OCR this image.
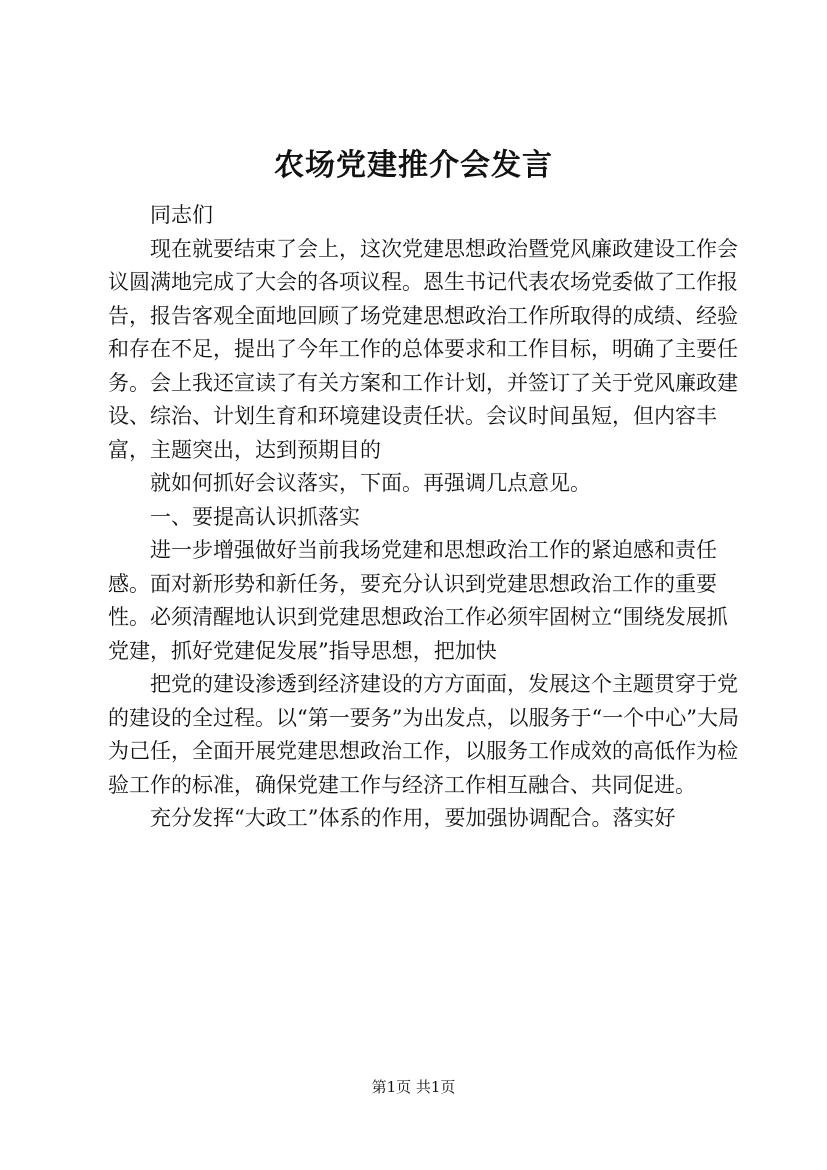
农场党建推介会发言

同志们

现在就要结束了会上，这次党建思想政治暨党风廉政建设工作会议圆满地完成了大会的各项议程。恩生书记代表农场党委做了工作报告，报告客观全面地回顾了场党建思想政治工作所取得的成绩、经验和存在不足，提出了今年工作的总体要求和工作目标，明确了主要任务。会上我还宣读了有关方案和工作计划，并签订了关于党风廉政建设、综治、计划生育和环境建设责任状。会议时间虽短，但内容丰富，主题突出，达到预期目的

就如何抓好会议落实，下面。再强调几点意见。

一、要提高认识抓落实

进一步增强做好当前我场党建和思想政治工作的紧迫感和责任感。面对新形势和新任务，要充分认识到党建思想政治工作的重要性。必须清醒地认识到党建思想政治工作必须牢固树立“围绕发展抓党建，抓好党建促发展”指导思想，把加快

把党的建设渗透到经济建设的方方面面，发展这个主题贯穿于党的建设的全过程。以“第一要务”为出发点，以服务于“一个中心”大局为己任，全面开展党建思想政治工作，以服务工作成效的高低作为检验工作的标准，确保党建工作与经济工作相互融合、共同促进。

充分发挥“大政工”体系的作用，要加强协调配合。落实好

第1页 共1页
